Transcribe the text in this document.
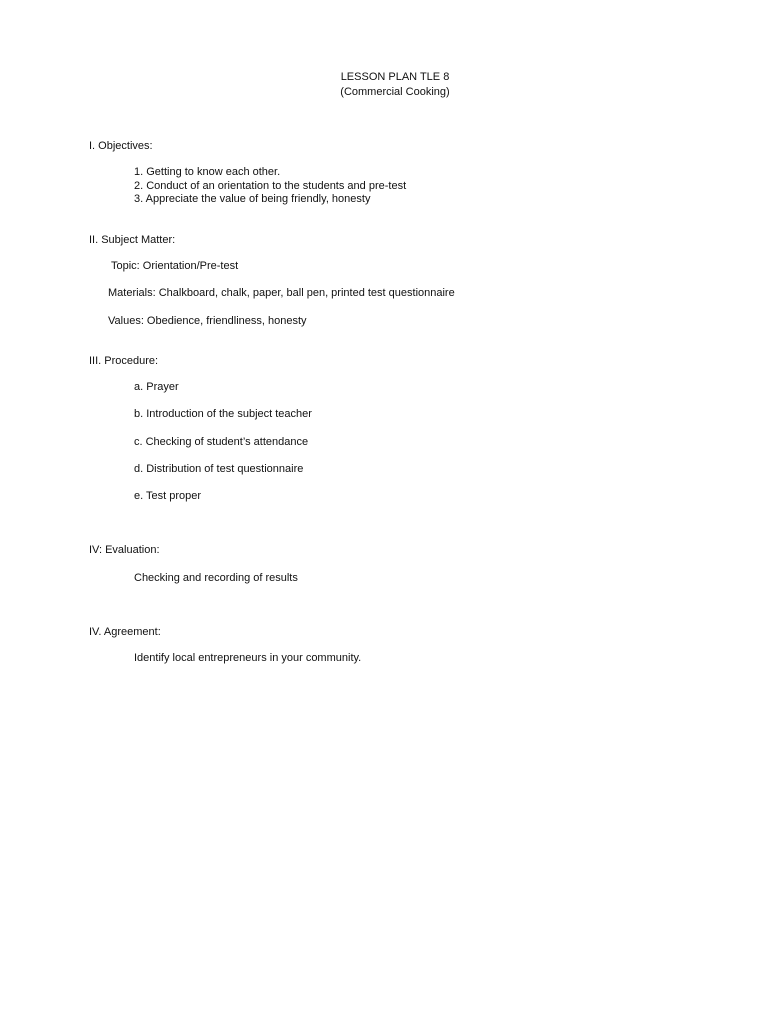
LESSON PLAN TLE 8
(Commercial Cooking)
I. Objectives:
1. Getting to know each other.
2. Conduct of an orientation to the students and pre-test
3. Appreciate the value of being friendly, honesty
II. Subject Matter:
Topic: Orientation/Pre-test
Materials: Chalkboard, chalk, paper, ball pen, printed test questionnaire
Values: Obedience, friendliness, honesty
III. Procedure:
a. Prayer
b. Introduction of the subject teacher
c. Checking of student’s attendance
d. Distribution of test questionnaire
e. Test proper
IV: Evaluation:
Checking and recording of results
IV. Agreement:
Identify local entrepreneurs in your community.
